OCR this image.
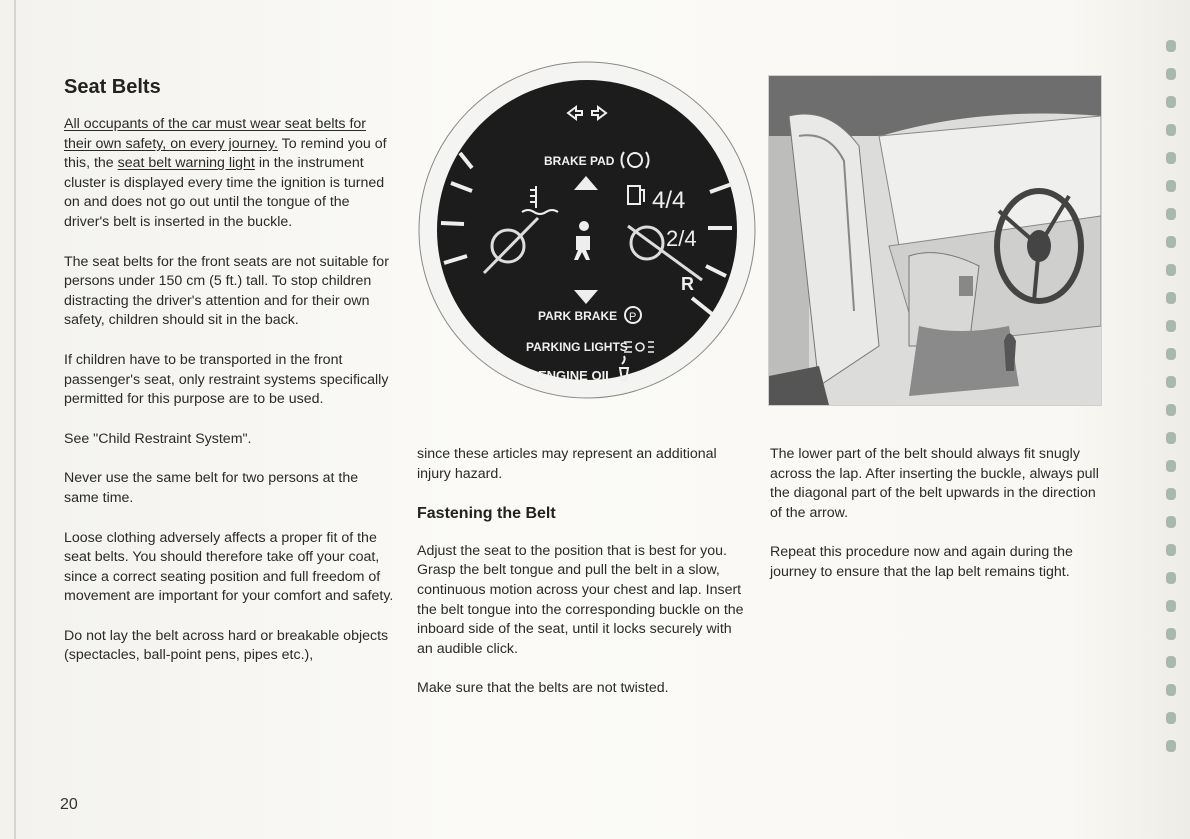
Seat Belts

All occupants of the car must wear seat belts for their own safety, on every journey. To remind you of this, the seat belt warning light in the instrument cluster is displayed every time the ignition is turned on and does not go out until the tongue of the driver's belt is inserted in the buckle.

The seat belts for the front seats are not suitable for persons under 150 cm (5 ft.) tall. To stop children distracting the driver's attention and for their own safety, children should sit in the back.

If children have to be transported in the front passenger's seat, only restraint systems specifically permitted for this purpose are to be used.

See "Child Restraint System".

Never use the same belt for two persons at the same time.

Loose clothing adversely affects a proper fit of the seat belts. You should therefore take off your coat, since a correct seating position and full freedom of movement are important for your comfort and safety.

Do not lay the belt across hard or breakable objects (spectacles, ball-point pens, pipes etc.),

BRAKE PAD
4/4
2/4
R
PARK BRAKE P
PARKING LIGHTS
ENGINE OIL

since these articles may represent an additional injury hazard.

Fastening the Belt

Adjust the seat to the position that is best for you. Grasp the belt tongue and pull the belt in a slow, continuous motion across your chest and lap. Insert the belt tongue into the corresponding buckle on the inboard side of the seat, until it locks securely with an audible click.

Make sure that the belts are not twisted.

The lower part of the belt should always fit snugly across the lap. After inserting the buckle, always pull the diagonal part of the belt upwards in the direction of the arrow.

Repeat this procedure now and again during the journey to ensure that the lap belt remains tight.

20
